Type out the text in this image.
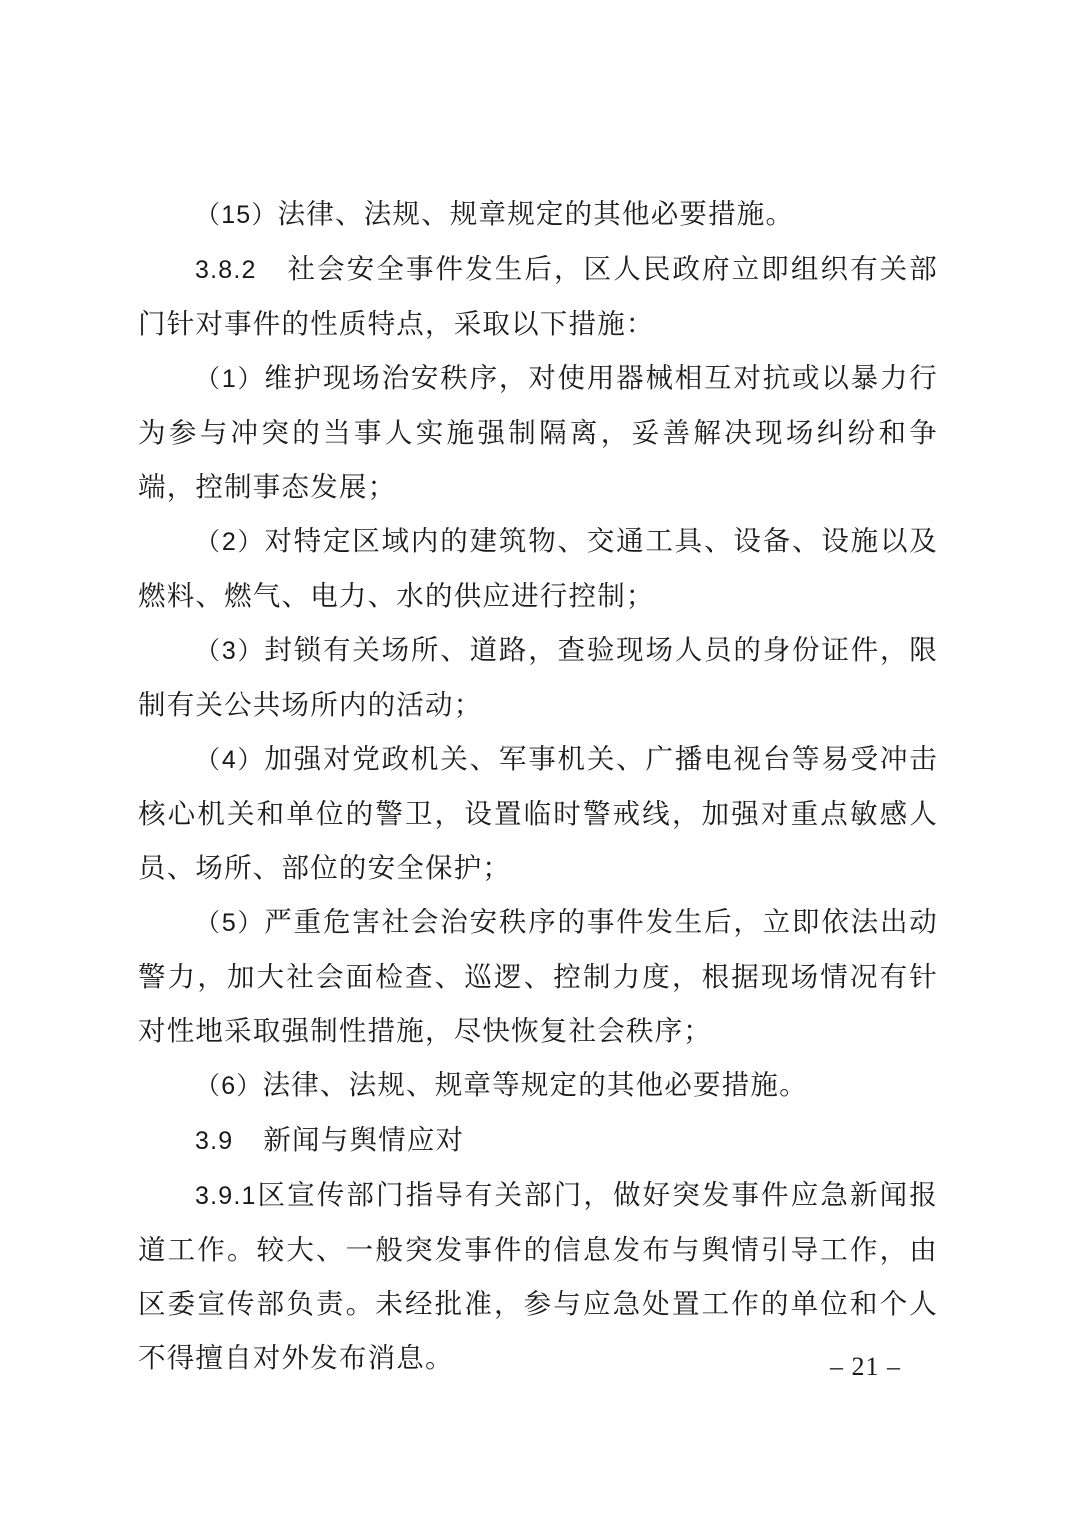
（15）法律、法规、规章规定的其他必要措施。

3.8.2 社会安全事件发生后，区人民政府立即组织有关部门针对事件的性质特点，采取以下措施：

（1）维护现场治安秩序，对使用器械相互对抗或以暴力行为参与冲突的当事人实施强制隔离，妥善解决现场纠纷和争端，控制事态发展；

（2）对特定区域内的建筑物、交通工具、设备、设施以及燃料、燃气、电力、水的供应进行控制；

（3）封锁有关场所、道路，查验现场人员的身份证件，限制有关公共场所内的活动；

（4）加强对党政机关、军事机关、广播电视台等易受冲击核心机关和单位的警卫，设置临时警戒线，加强对重点敏感人员、场所、部位的安全保护；

（5）严重危害社会治安秩序的事件发生后，立即依法出动警力，加大社会面检查、巡逻、控制力度，根据现场情况有针对性地采取强制性措施，尽快恢复社会秩序；

（6）法律、法规、规章等规定的其他必要措施。

3.9 新闻与舆情应对

3.9.1区宣传部门指导有关部门，做好突发事件应急新闻报道工作。较大、一般突发事件的信息发布与舆情引导工作，由区委宣传部负责。未经批准，参与应急处置工作的单位和个人不得擅自对外发布消息。	– 21 –
